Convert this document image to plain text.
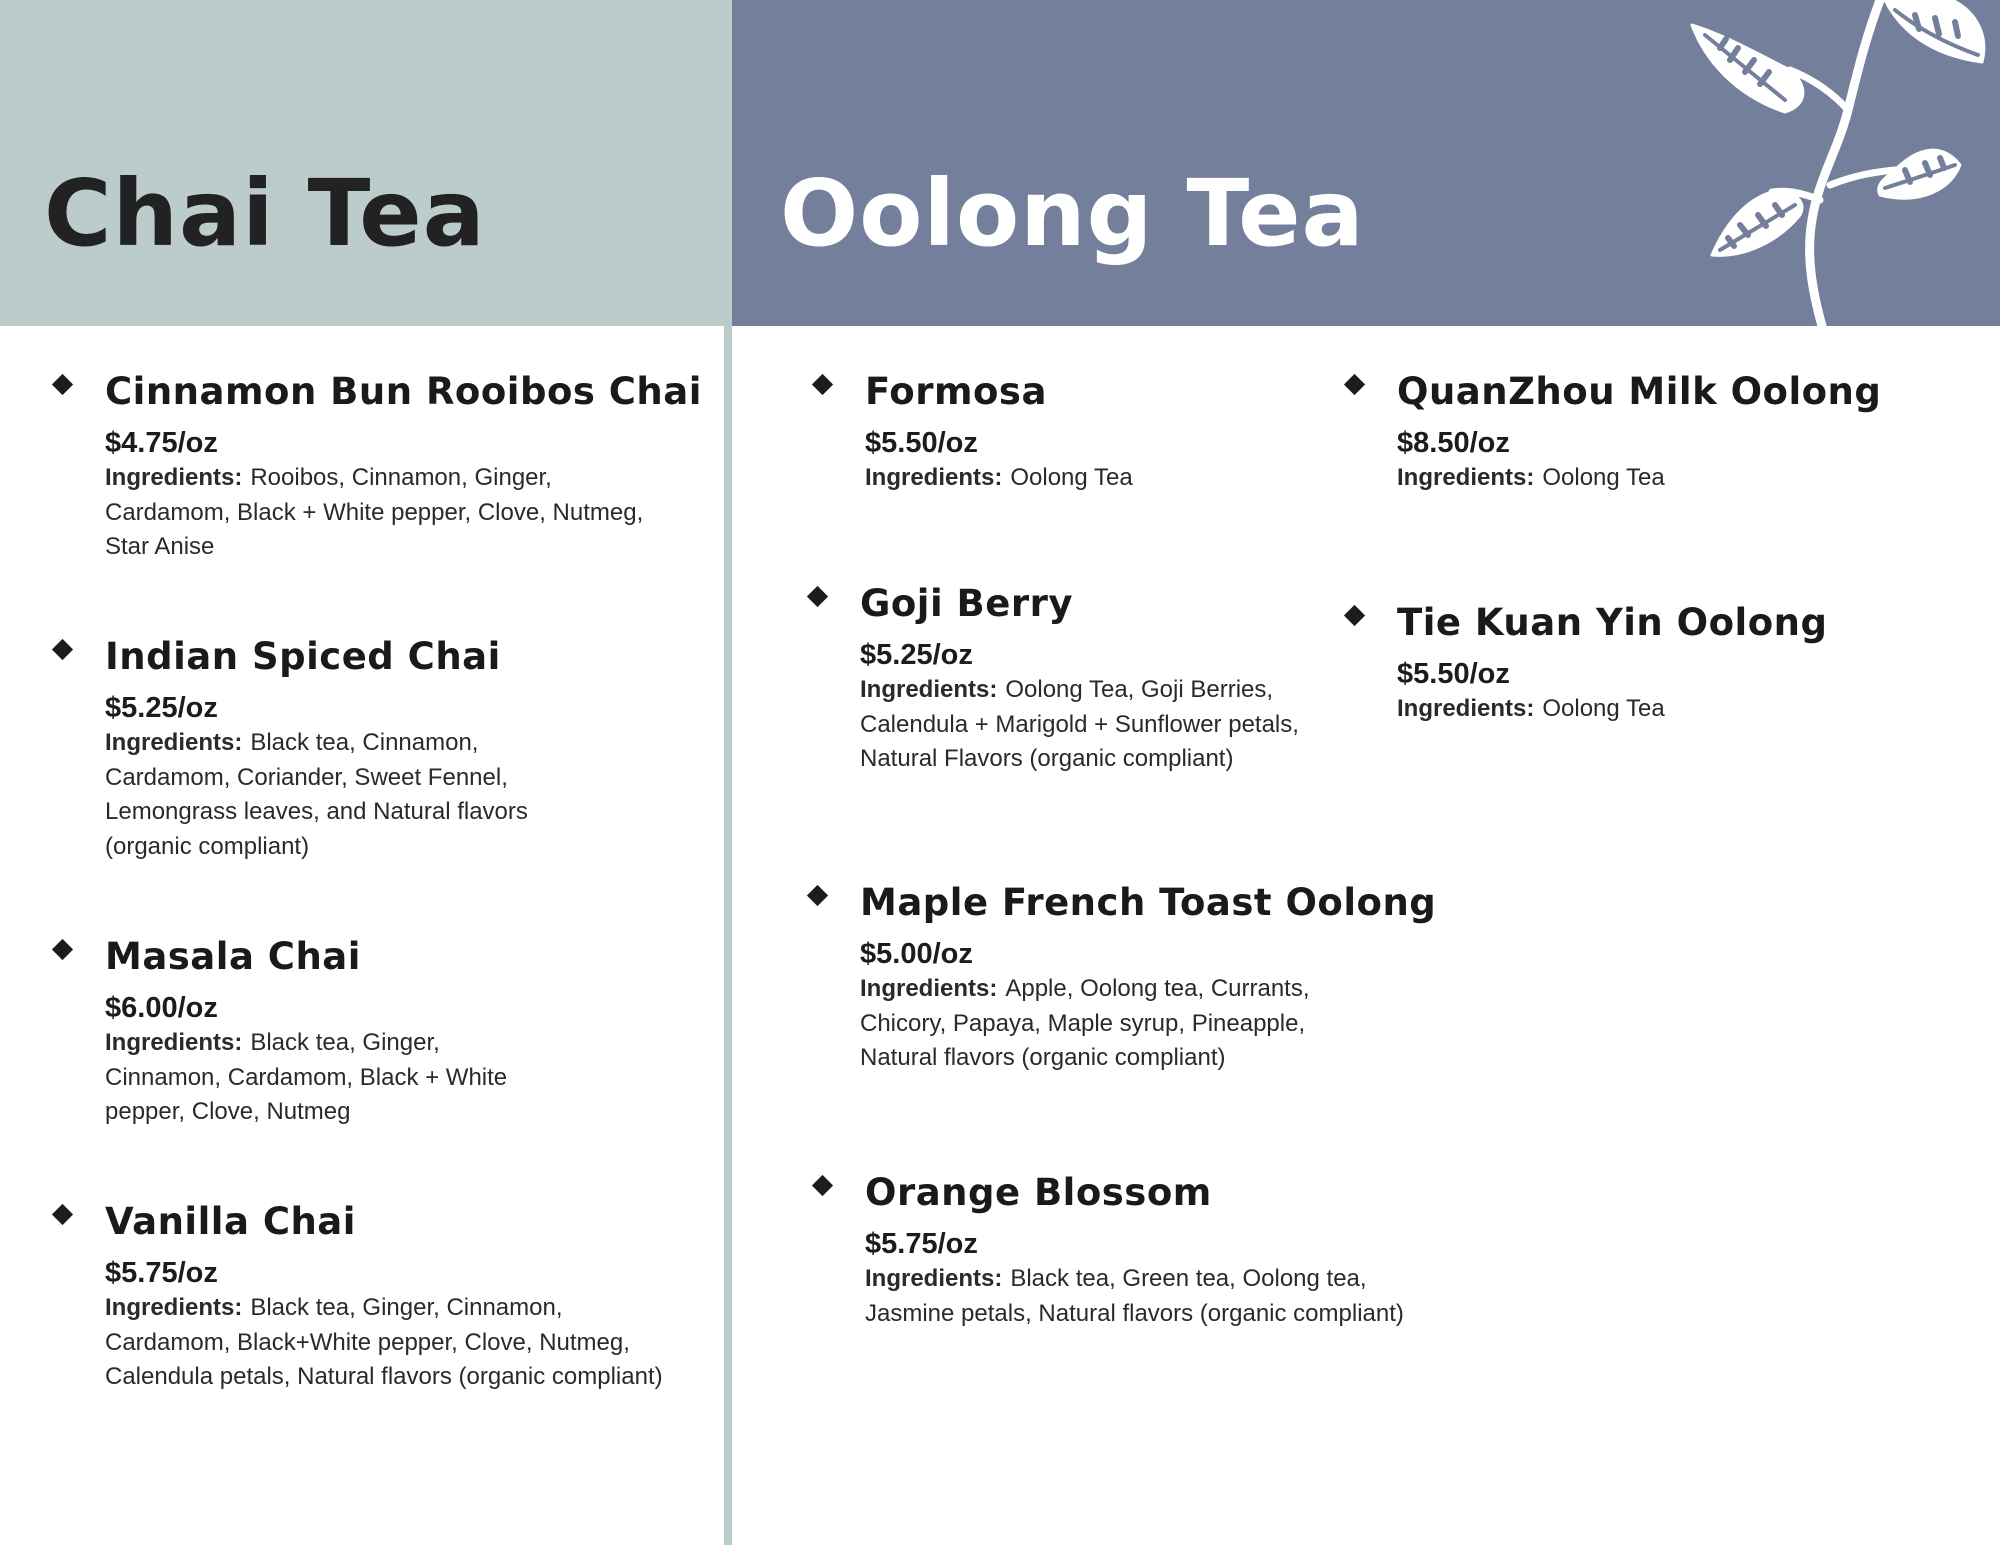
Chai Tea	Oolong Tea
Cinnamon Bun Rooibos Chai
$4.75/oz
Ingredients: Rooibos, Cinnamon, Ginger, Cardamom, Black + White pepper, Clove, Nutmeg, Star Anise
Indian Spiced Chai
$5.25/oz
Ingredients: Black tea, Cinnamon, Cardamom, Coriander, Sweet Fennel, Lemongrass leaves, and Natural flavors (organic compliant)
Masala Chai
$6.00/oz
Ingredients: Black tea, Ginger, Cinnamon, Cardamom, Black + White pepper, Clove, Nutmeg
Vanilla Chai
$5.75/oz
Ingredients: Black tea, Ginger, Cinnamon, Cardamom, Black+White pepper, Clove, Nutmeg, Calendula petals, Natural flavors (organic compliant)
Formosa
$5.50/oz
Ingredients: Oolong Tea
Goji Berry
$5.25/oz
Ingredients: Oolong Tea, Goji Berries, Calendula + Marigold + Sunflower petals, Natural Flavors (organic compliant)
Maple French Toast Oolong
$5.00/oz
Ingredients: Apple, Oolong tea, Currants, Chicory, Papaya, Maple syrup, Pineapple, Natural flavors (organic compliant)
Orange Blossom
$5.75/oz
Ingredients: Black tea, Green tea, Oolong tea, Jasmine petals, Natural flavors (organic compliant)
QuanZhou Milk Oolong
$8.50/oz
Ingredients: Oolong Tea
Tie Kuan Yin Oolong
$5.50/oz
Ingredients: Oolong Tea
